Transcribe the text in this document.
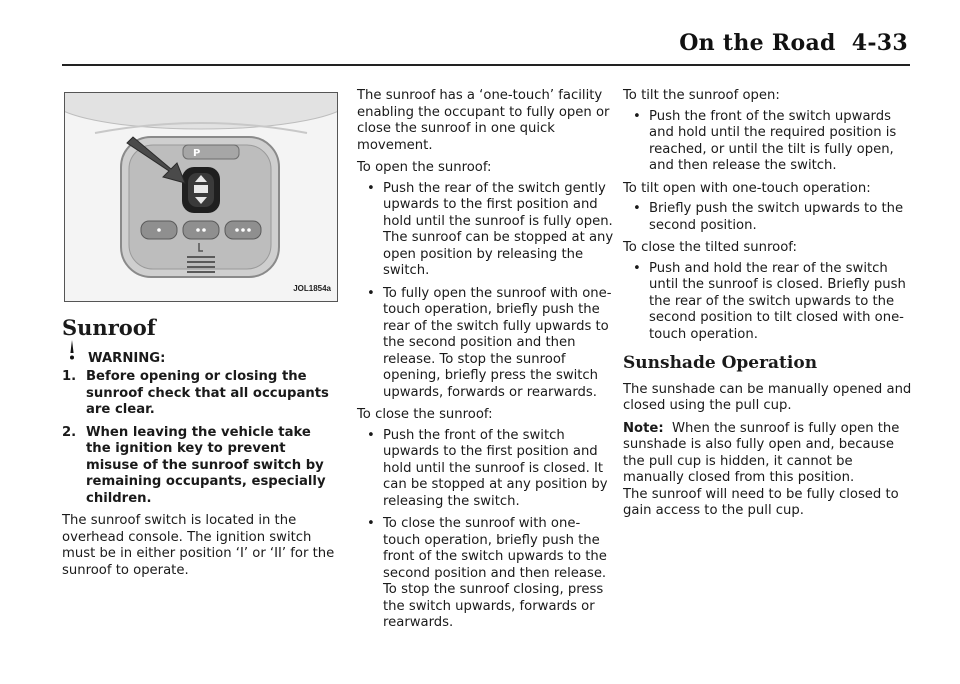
On the Road 4-33
P
JOL1854a
Sunroof
WARNING:
1. Before opening or closing the sunroof check that all occupants are clear.
2. When leaving the vehicle take the ignition key to prevent misuse of the sunroof switch by remaining occupants, especially children.

The sunroof switch is located in the overhead console. The ignition switch must be in either position ‘I’ or ‘II’ for the sunroof to operate.

The sunroof has a ‘one-touch’ facility enabling the occupant to fully open or close the sunroof in one quick movement.

To open the sunroof:

• Push the rear of the switch gently upwards to the first position and hold until the sunroof is fully open. The sunroof can be stopped at any open position by releasing the switch.
• To fully open the sunroof with one-touch operation, briefly push the rear of the switch fully upwards to the second position and then release. To stop the sunroof opening, briefly press the switch upwards, forwards or rearwards.

To close the sunroof:

• Push the front of the switch upwards to the first position and hold until the sunroof is closed. It can be stopped at any position by releasing the switch.
• To close the sunroof with one-touch operation, briefly push the front of the switch upwards to the second position and then release. To stop the sunroof closing, press the switch upwards, forwards or rearwards.

To tilt the sunroof open:

• Push the front of the switch upwards and hold until the required position is reached, or until the tilt is fully open, and then release the switch.

To tilt open with one-touch operation:

• Briefly push the switch upwards to the second position.

To close the tilted sunroof:

• Push and hold the rear of the switch until the sunroof is closed. Briefly push the rear of the switch upwards to the second position to tilt closed with one-touch operation.
Sunshade Operation

The sunshade can be manually opened and closed using the pull cup.

Note: When the sunroof is fully open the sunshade is also fully open and, because the pull cup is hidden, it cannot be manually closed from this position.
The sunroof will need to be fully closed to gain access to the pull cup.
